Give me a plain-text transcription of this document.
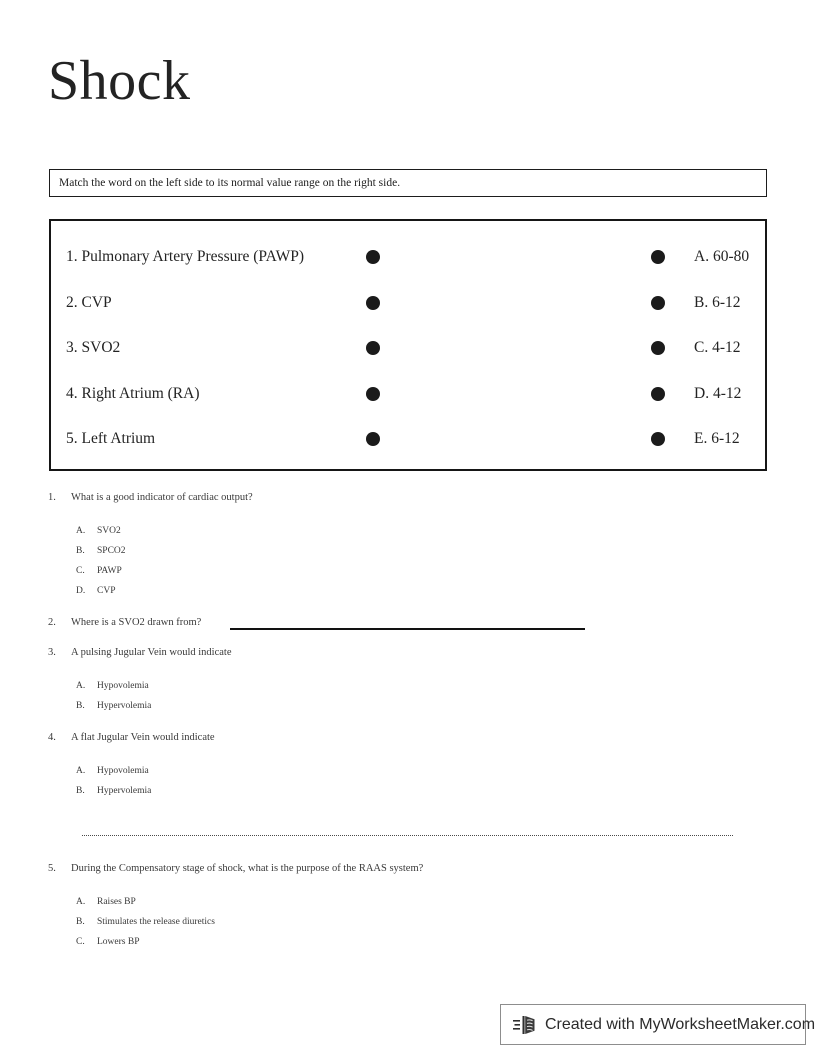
Shock
Match the word on the left side to its normal value range on the right side.
1. Pulmonary Artery Pressure (PAWP)	A. 60-80
2. CVP	B. 6-12
3. SVO2	C. 4-12
4. Right Atrium (RA)	D. 4-12
5. Left Atrium	E. 6-12
1. What is a good indicator of cardiac output?
A. SVO2
B. SPCO2
C. PAWP
D. CVP
2. Where is a SVO2 drawn from?
3. A pulsing Jugular Vein would indicate
A. Hypovolemia
B. Hypervolemia
4. A flat Jugular Vein would indicate
A. Hypovolemia
B. Hypervolemia
5. During the Compensatory stage of shock, what is the purpose of the RAAS system?
A. Raises BP
B. Stimulates the release diuretics
C. Lowers BP
Created with MyWorksheetMaker.com
